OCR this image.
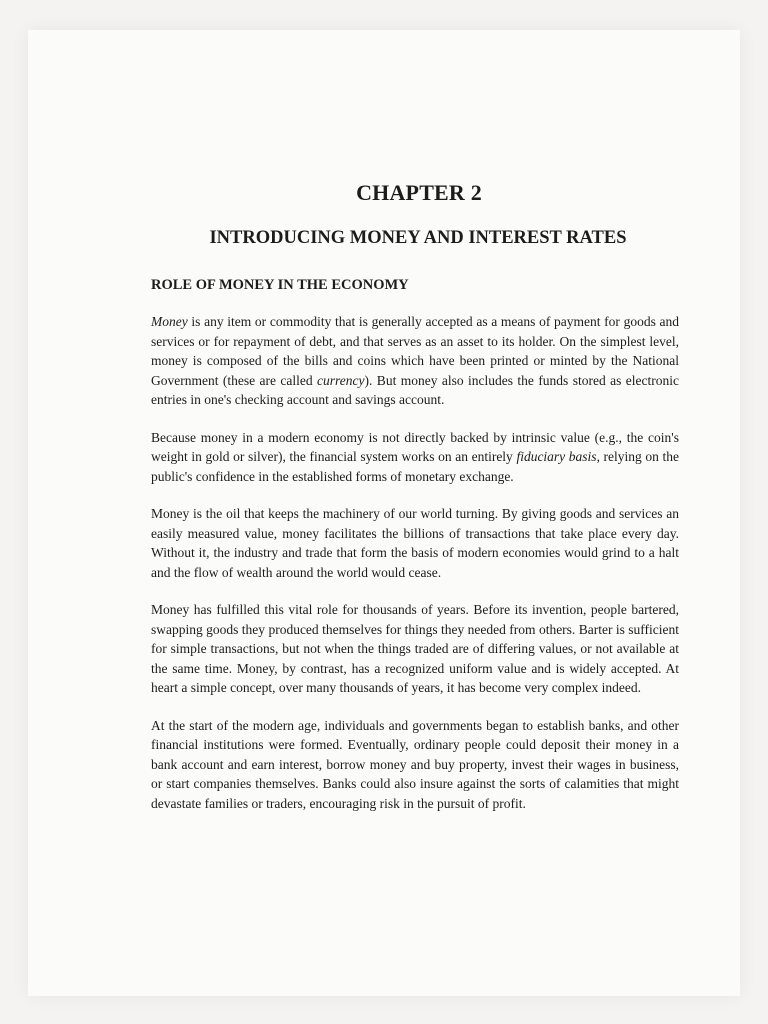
CHAPTER 2
INTRODUCING MONEY AND INTEREST RATES
ROLE OF MONEY IN THE ECONOMY

Money is any item or commodity that is generally accepted as a means of payment for goods and services or for repayment of debt, and that serves as an asset to its holder. On the simplest level, money is composed of the bills and coins which have been printed or minted by the National Government (these are called currency). But money also includes the funds stored as electronic entries in one's checking account and savings account.

Because money in a modern economy is not directly backed by intrinsic value (e.g., the coin's weight in gold or silver), the financial system works on an entirely fiduciary basis, relying on the public's confidence in the established forms of monetary exchange.

Money is the oil that keeps the machinery of our world turning. By giving goods and services an easily measured value, money facilitates the billions of transactions that take place every day. Without it, the industry and trade that form the basis of modern economies would grind to a halt and the flow of wealth around the world would cease.

Money has fulfilled this vital role for thousands of years. Before its invention, people bartered, swapping goods they produced themselves for things they needed from others. Barter is sufficient for simple transactions, but not when the things traded are of differing values, or not available at the same time. Money, by contrast, has a recognized uniform value and is widely accepted. At heart a simple concept, over many thousands of years, it has become very complex indeed.

At the start of the modern age, individuals and governments began to establish banks, and other financial institutions were formed. Eventually, ordinary people could deposit their money in a bank account and earn interest, borrow money and buy property, invest their wages in business, or start companies themselves. Banks could also insure against the sorts of calamities that might devastate families or traders, encouraging risk in the pursuit of profit.
